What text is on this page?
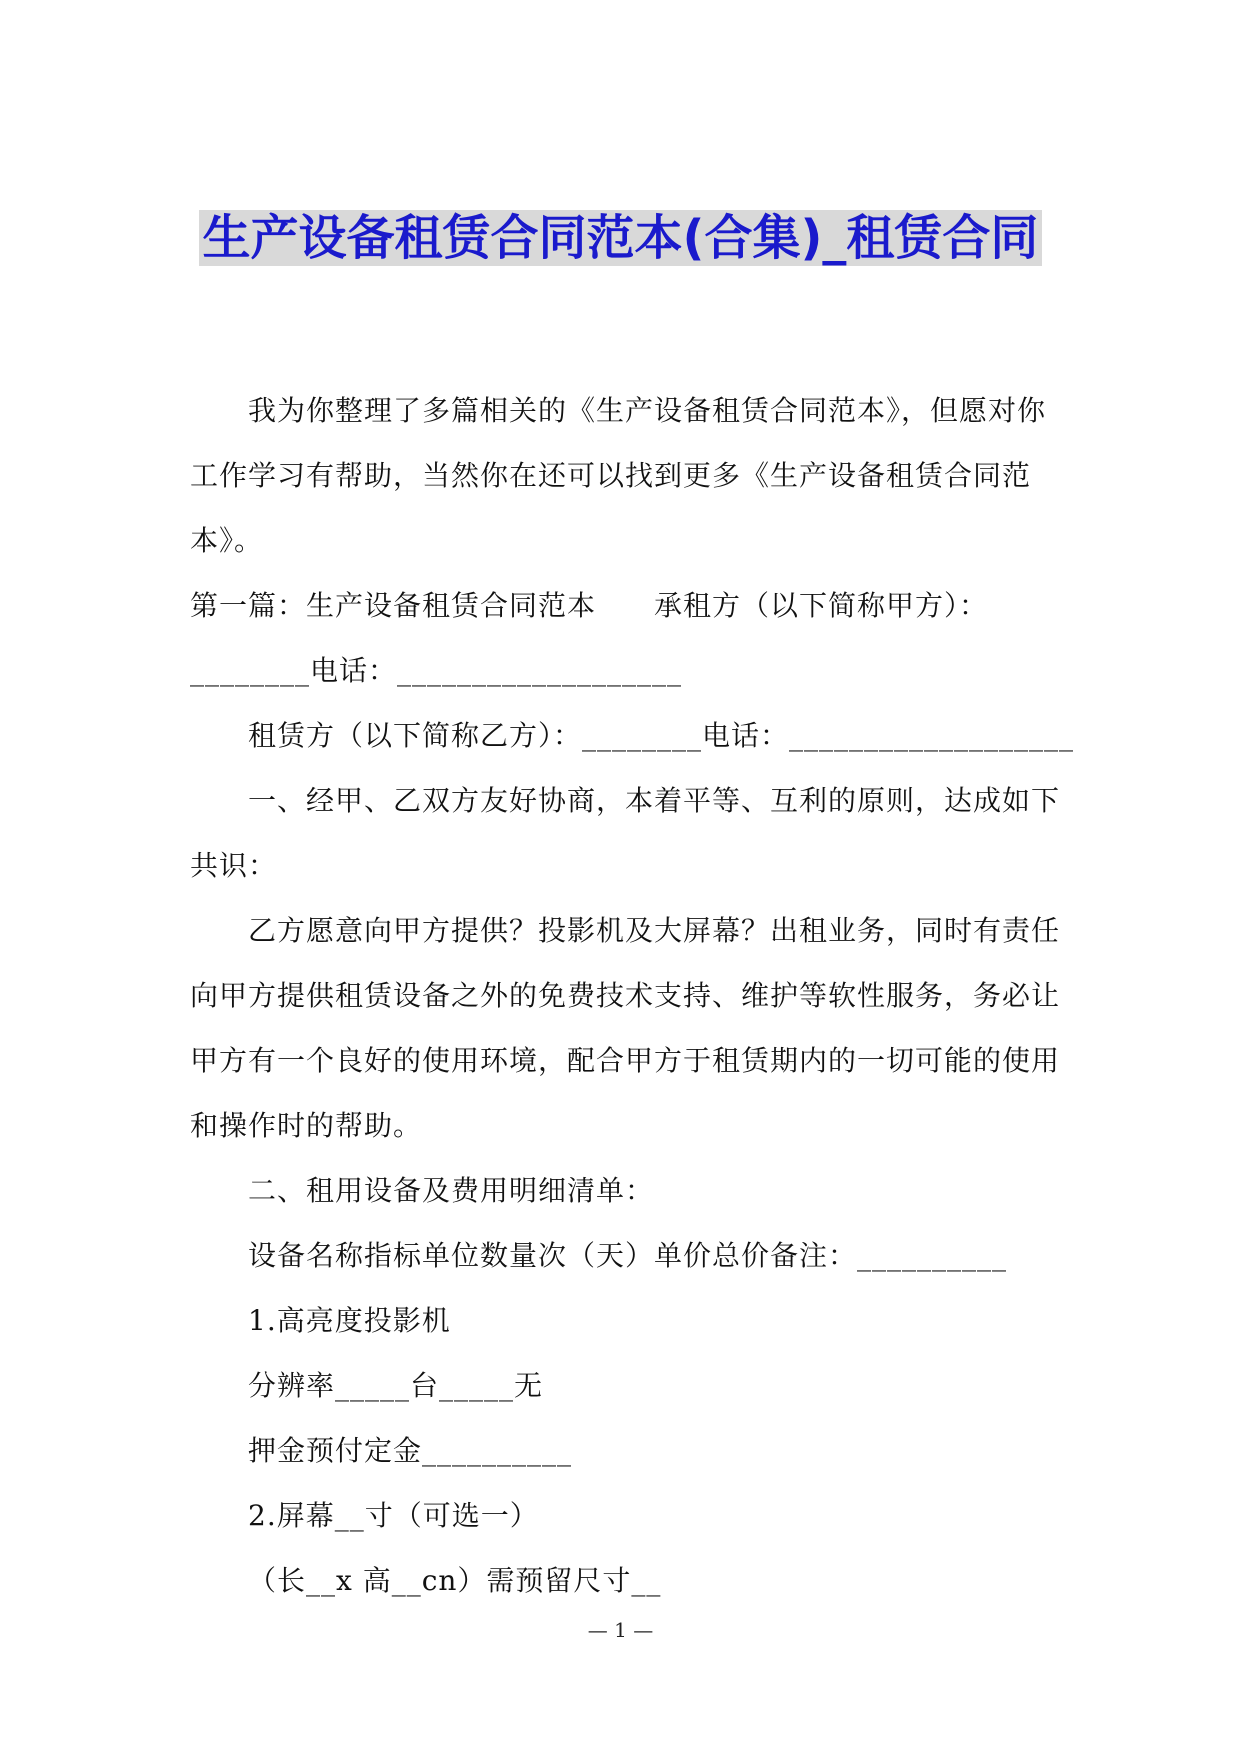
生产设备租赁合同范本(合集)_租赁合同
我为你整理了多篇相关的《生产设备租赁合同范本》，但愿对你
工作学习有帮助，当然你在还可以找到更多《生产设备租赁合同范
本》。
第一篇：生产设备租赁合同范本　　承租方（以下简称甲方）：
________电话：___________________
租赁方（以下简称乙方）：________电话：___________________
一、经甲、乙双方友好协商，本着平等、互利的原则，达成如下
共识：
乙方愿意向甲方提供？投影机及大屏幕？出租业务，同时有责任
向甲方提供租赁设备之外的免费技术支持、维护等软性服务，务必让
甲方有一个良好的使用环境，配合甲方于租赁期内的一切可能的使用
和操作时的帮助。
二、租用设备及费用明细清单：
设备名称指标单位数量次（天）单价总价备注：__________
1.高亮度投影机
分辨率_____台_____无
押金预付定金__________
2.屏幕__寸（可选一）
（长__x 高__cn）需预留尺寸__
— 1 —
